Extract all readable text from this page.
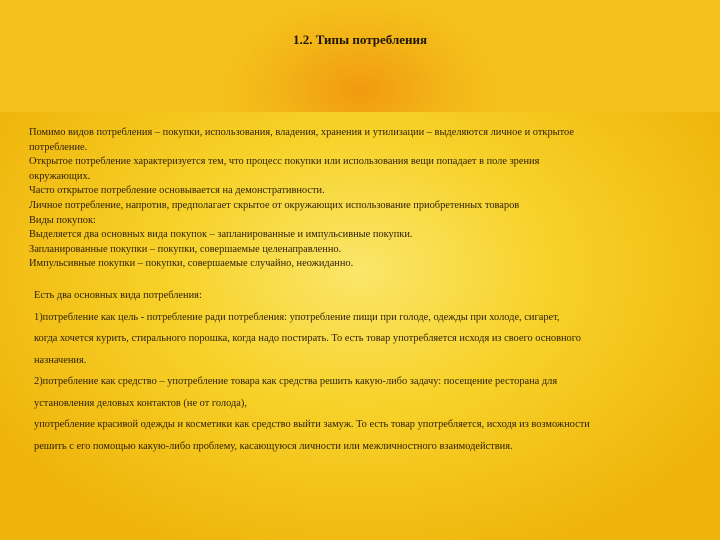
1.2. Типы потребления
Помимо видов потребления – покупки, использования, владения, хранения и утилизации – выделяются личное и открытое
потребление.
Открытое потребление характеризуется тем, что процесс покупки или использования вещи попадает в поле зрения
окружающих.
Часто открытое потребление основывается на демонстративности.
Личное потребление, напротив, предполагает скрытое от окружающих использование приобретенных товаров
Виды покупок:
Выделяется два основных вида покупок – запланированные и импульсивные покупки.
Запланированные покупки – покупки, совершаемые целенаправленно.
Импульсивные покупки – покупки, совершаемые случайно, неожиданно.
Есть два основных вида потребления:
1)потребление как цель - потребление ради потребления: употребление пищи при голоде, одежды при холоде, сигарет,
когда хочется курить, стирального порошка, когда надо постирать. То есть товар употребляется исходя из своего основного
назначения.
2)потребление как средство – употребление товара как средства решить какую-либо задачу: посещение ресторана для
установления деловых контактов (не от голода),
употребление красивой одежды и косметики как средство выйти замуж. То есть товар употребляется, исходя из возможности
решить с его помощью какую-либо проблему, касающуюся личности или межличностного взаимодействия.
